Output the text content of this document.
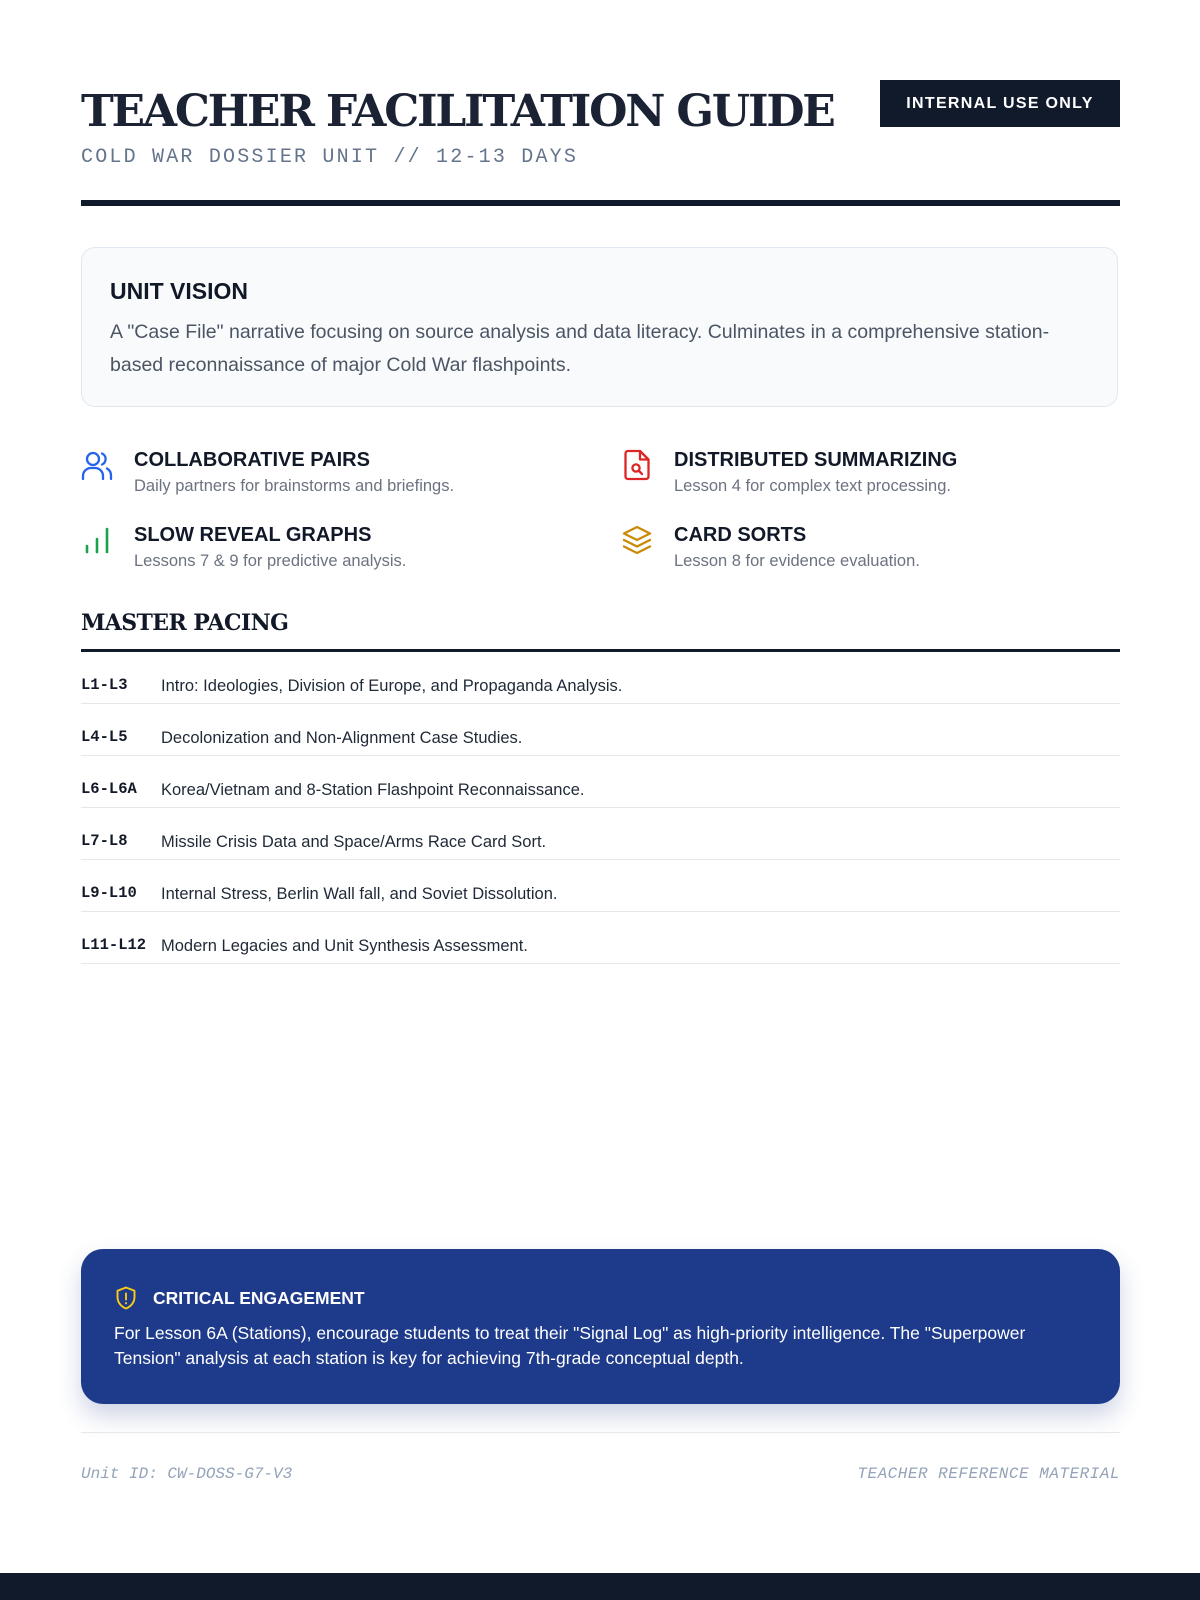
TEACHER FACILITATION GUIDE
COLD WAR DOSSIER UNIT // 12-13 DAYS
INTERNAL USE ONLY
UNIT VISION

A "Case File" narrative focusing on source analysis and data literacy. Culminates in a comprehensive station-based reconnaissance of major Cold War flashpoints.

COLLABORATIVE PAIRS
Daily partners for brainstorms and briefings.
DISTRIBUTED SUMMARIZING
Lesson 4 for complex text processing.
SLOW REVEAL GRAPHS
Lessons 7 & 9 for predictive analysis.
CARD SORTS
Lesson 8 for evidence evaluation.
MASTER PACING
L1-L3 Intro: Ideologies, Division of Europe, and Propaganda Analysis.
L4-L5 Decolonization and Non-Alignment Case Studies.
L6-L6A Korea/Vietnam and 8-Station Flashpoint Reconnaissance.
L7-L8 Missile Crisis Data and Space/Arms Race Card Sort.
L9-L10 Internal Stress, Berlin Wall fall, and Soviet Dissolution.
L11-L12 Modern Legacies and Unit Synthesis Assessment.
CRITICAL ENGAGEMENT

For Lesson 6A (Stations), encourage students to treat their "Signal Log" as high-priority intelligence. The "Superpower Tension" analysis at each station is key for achieving 7th-grade conceptual depth.

Unit ID: CW-DOSS-G7-V3	TEACHER REFERENCE MATERIAL
